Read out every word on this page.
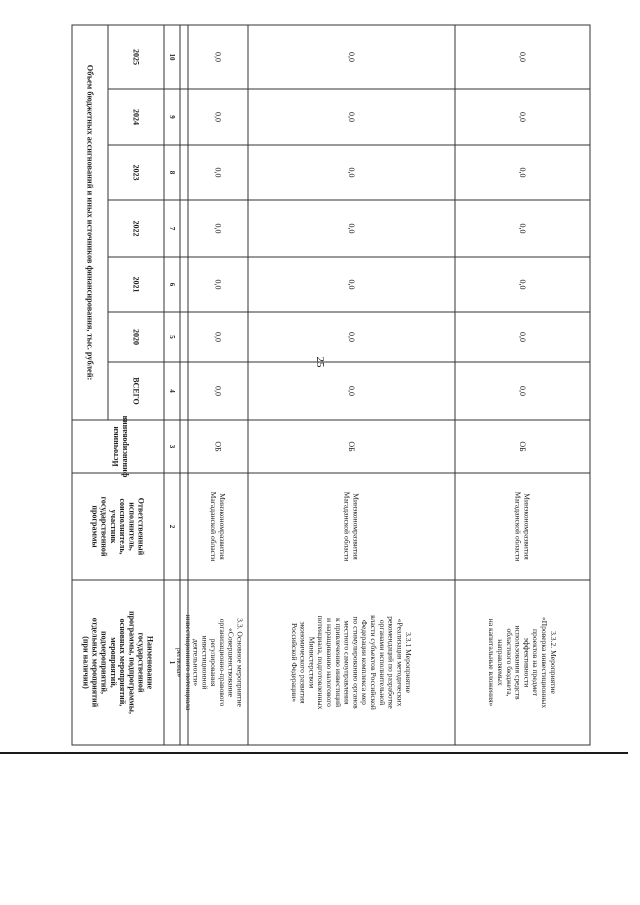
25
Наименование
государственной
программы, подпрограммы,
основных мероприятий,
мероприятий,
подмероприятий,
отдельных мероприятий
(при наличии)
Ответственный
исполнитель,
соисполнитель,
участник
государственной
программы
Источники финансирования
Объем бюджетных ассигнований и иных источников финансирования, тыс. рублей:
ВСЕГО
2020
2021
2022
2023
2024
2025
1
2
3
4
5
6
7
8
9
10
инвестиционного потенциала
региона»	3.3. Основное мероприятие
«Совершенствование
организационно-правового
регулирования
инвестиционной
деятельности»
Минэкономразвития
Магаданской области
ОБ
0,0
0,0
0,0
0,0
0,0
0,0
0,0
3.3.1 Мероприятие
«Реализация методических
рекомендаций по разработке
органами исполнительной
власти субъектов Российской
Федерации комплекса мер
по стимулированию органов
местного самоуправления
к привлечению инвестиций
и наращиванию налогового
потенциала, подготовленных
Министерством
экономического развития
Российской Федерации»
Минэкономразвития
Магаданской области
ОБ
0,0
0,0
0,0
0,0
0,0
0,0
0,0
3.3.2. Мероприятие
«Проверка инвестиционных
проектов на предмет
эффективности
использования средств
областного бюджета,
направляемых
на капитальные вложения»
Минэкономразвития
Магаданской области
ОБ
0,0
0,0
0,0
0,0
0,0
0,0
0,0
